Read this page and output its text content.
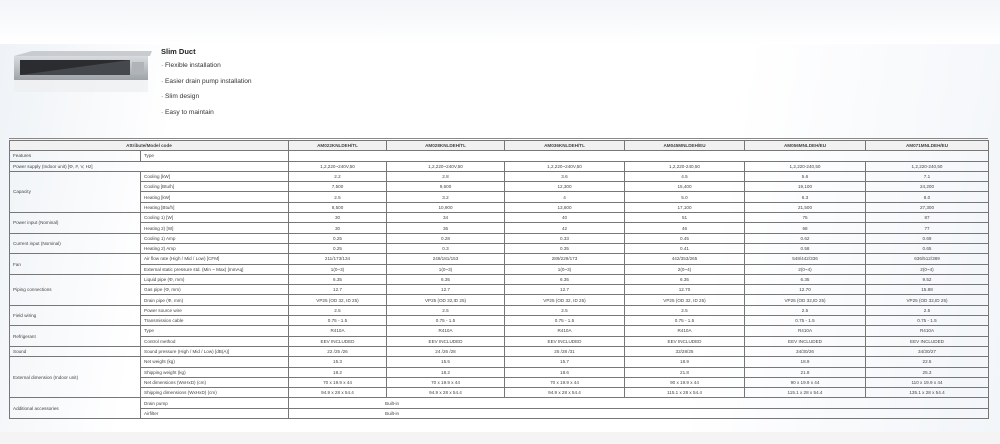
Slim Duct
· Flexible installation
· Easier drain pump installation
· Slim design
· Easy to maintain
Attribute/Model code		AM022KNLDEH/TL	AM028KNLDEH/TL	AM036KNLDEH/TL	AM045MNLDEH/EU	AM056MNLDEH/EU	AM071MNLDEH/EU
Features	Type						
Power supply (Indoor unit) [Φ, #, V, Hz]		1,2,220~240V,50	1,2,220~240V,50	1,2,220~240V,50	1,2,220-240,50	1,2,220-240,50	1,2,220-240,50
Capacity	Cooling [kW]	2.2	2.8	3.6	4.5	5.6	7.1
	Cooling [Btu/h]	7,500	9,600	12,300	15,400	19,100	24,200
	Heating [kW]	2.5	3.2	4	5.0	6.3	8.0
	Heating [Btu/h]	8,500	10,900	13,600	17,100	21,500	27,300
Power input (Nominal)	Cooling 1) [W]	30	34	40	51	75	87
	Heating 2) [W]	30	36	42	46	68	77
Current input (Nominal)	Cooling 1) Amp	0.25	0.28	0.33	0.45	0.62	0.69
	Heating 2) Amp	0.25	0.3	0.35	0.41	0.58	0.65
Fan	Air flow rate (High / Mid / Low) [CFM]	211/173/134	248/181/153	289/229/173	442/353/265	548/442/336	636/512/389
	External static pressure std. (Min ~ Max) [mmAq]	1(0~3)	1(0~3)	1(0~3)	2(0~4)	2(0~4)	2(0~4)
Piping connections	Liquid pipe (Φ, mm)	6.35	6.35	6.35	6.35	6.35	9.52
	Gas pipe (Φ, mm)	12.7	12.7	12.7	12.70	12.70	15.88
	Drain pipe (Φ, mm)	VP25 (OD 32, ID 25)	VP25 (OD 32,ID 25)	VP25 (OD 32, ID 25)	VP25 (OD 32, ID 25)	VP25 (OD 32,ID 25)	VP25 (OD 32,ID 25)
Field wiring	Power source wire	2.5	2.5	2.5	2.5	2.5	2.5
	Transmission cable	0.75 - 1.5	0.75 - 1.5	0.75 - 1.5	0.75 - 1.5	0.75 - 1.5	0.75 - 1.5
Refrigerant	Type	R410A	R410A	R410A	R410A	R410A	R410A
	Control method	EEV INCLUDED	EEV INCLUDED	EEV INCLUDED	EEV INCLUDED	EEV INCLUDED	EEV INCLUDED
Sound	Sound pressure (High / Mid / Low) [dB(A)]	22 /25 /26	24 /26 /28	25 /28 /31	32/28/25	34/30/26	34/30/27
External dimension (Indoor unit)	Net weight (kg)	15.3	15.5	15.7	18.9	18.9	22.5
	Shipping weight (kg)	18.2	18.2	18.6	21.8	21.8	25.3
	Net dimensions (WxHxD) (cm)	70 x 19.9 x 44	70 x 19.9 x 44	70 x 19.9 x 44	90 x 19.9 x 44	90 x 19.9 x 44	110 x 19.9 x 44
	Shipping dimensions (WxHxD) (cm)	94.9 x 28 x 54.4	94.9 x 28 x 54.4	94.9 x 28 x 54.4	115.1 x 28 x 54.4	115.1 x 28 x 54.4	135.1 x 28 x 54.4
Additional accessories	Drain pump	Built-in					
	Airfilter	Built-in					
